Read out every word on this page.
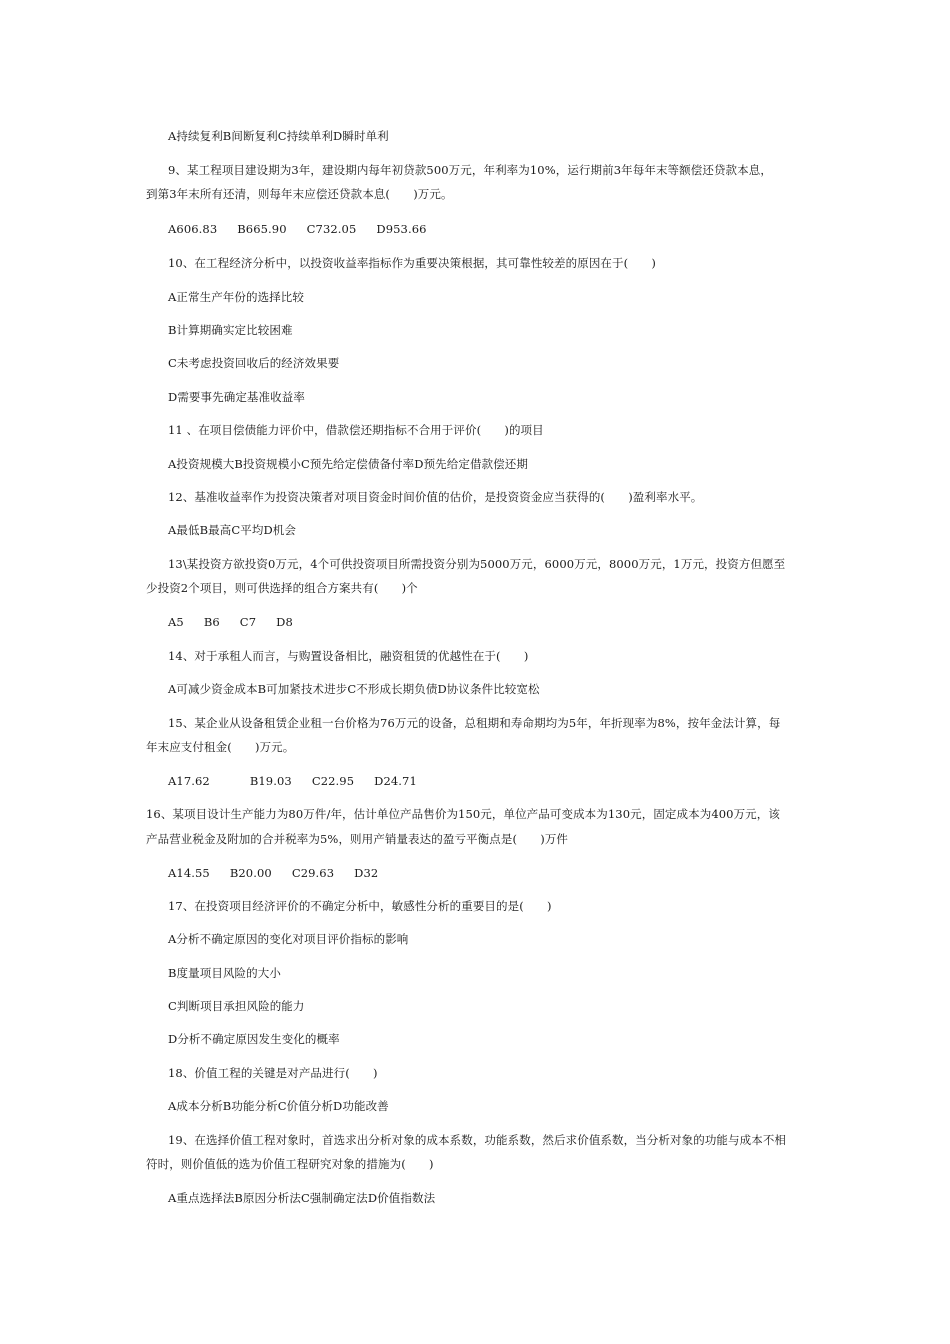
A持续复利B间断复利C持续单利D瞬时单利
9、某工程项目建设期为3年，建设期内每年初贷款500万元，年利率为10%，运行期前3年每年末等额偿还贷款本息，
到第3年末所有还清，则每年末应偿还贷款本息(　　)万元。
A606.83 B665.90 C732.05 D953.66
10、在工程经济分析中，以投资收益率指标作为重要决策根据，其可靠性较差的原因在于(　　)
A正常生产年份的选择比较
B计算期确实定比较困难
C未考虑投资回收后的经济效果要
D需要事先确定基准收益率
11 、在项目偿债能力评价中，借款偿还期指标不合用于评价(　　)的项目
A投资规模大B投资规模小C预先给定偿债备付率D预先给定借款偿还期
12、基准收益率作为投资决策者对项目资金时间价值的估价，是投资资金应当获得的(　　)盈利率水平。
A最低B最高C平均D机会
13\某投资方欲投资0万元，4个可供投资项目所需投资分别为5000万元，6000万元，8000万元，1万元，投资方但愿至
少投资2个项目，则可供选择的组合方案共有(　　)个
A5 B6 C7 D8
14、对于承租人而言，与购置设备相比，融资租赁的优越性在于(　　)
A可减少资金成本B可加紧技术进步C不形成长期负债D协议条件比较宽松
15、某企业从设备租赁企业租一台价格为76万元的设备，总租期和寿命期均为5年，年折现率为8%，按年金法计算，每
年末应支付租金(　　)万元。
A17.62	B19.03 C22.95 D24.71
16、某项目设计生产能力为80万件/年，估计单位产品售价为150元，单位产品可变成本为130元，固定成本为400万元，该
产品营业税金及附加的合并税率为5%，则用产销量表达的盈亏平衡点是(　　)万件
A14.55 B20.00 C29.63 D32
17、在投资项目经济评价的不确定分析中，敏感性分析的重要目的是(　　)
A分析不确定原因的变化对项目评价指标的影响
B度量项目风险的大小
C判断项目承担风险的能力
D分析不确定原因发生变化的概率
18、价值工程的关键是对产品进行(　　)
A成本分析B功能分析C价值分析D功能改善
19、在选择价值工程对象时，首选求出分析对象的成本系数，功能系数，然后求价值系数，当分析对象的功能与成本不相
符时，则价值低的选为价值工程研究对象的措施为(　　)
A重点选择法B原因分析法C强制确定法D价值指数法
